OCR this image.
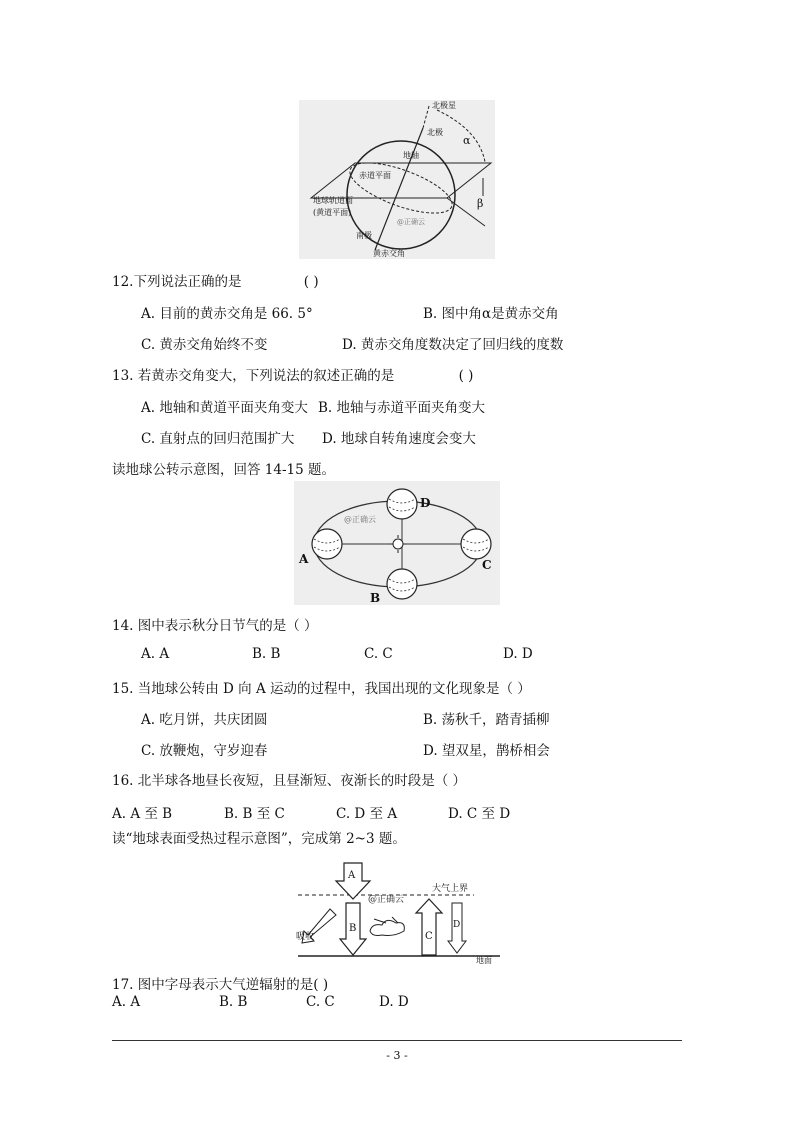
北极星
北极
α
地轴
赤道平面
地球轨道面
(黄道平面)
β
@正确云
南极
黄赤交角
12.下列说法正确的是	( )
A. 目前的黄赤交角是 66. 5°	B. 图中角α是黄赤交角
C. 黄赤交角始终不变	D. 黄赤交角度数决定了回归线的度数
13. 若黄赤交角变大，下列说法的叙述正确的是	( )
A. 地轴和黄道平面夹角变大 B. 地轴与赤道平面夹角变大
C. 直射点的回归范围扩大 D. 地球自转角速度会变大
读地球公转示意图，回答 14-15 题。
A
D
C
B
@正确云
14. 图中表示秋分日节气的是（ ）
A. A	B. B	C. C	D. D
15. 当地球公转由 D 向 A 运动的过程中，我国出现的文化现象是（ ）
A. 吃月饼，共庆团圆	B. 荡秋千，踏青插柳
C. 放鞭炮，守岁迎春	D. 望双星，鹊桥相会
16. 北半球各地昼长夜短，且昼渐短、夜渐长的时段是（ ）
A. A 至 B	B. B 至 C	C. D 至 A	D. C 至 D
读“地球表面受热过程示意图”，完成第 2~3 题。
A
B
C
D
大气上界
吸收
地面
@正确云
17. 图中字母表示大气逆辐射的是( )
A. A	B. B	C. C	D. D
- 3 -
